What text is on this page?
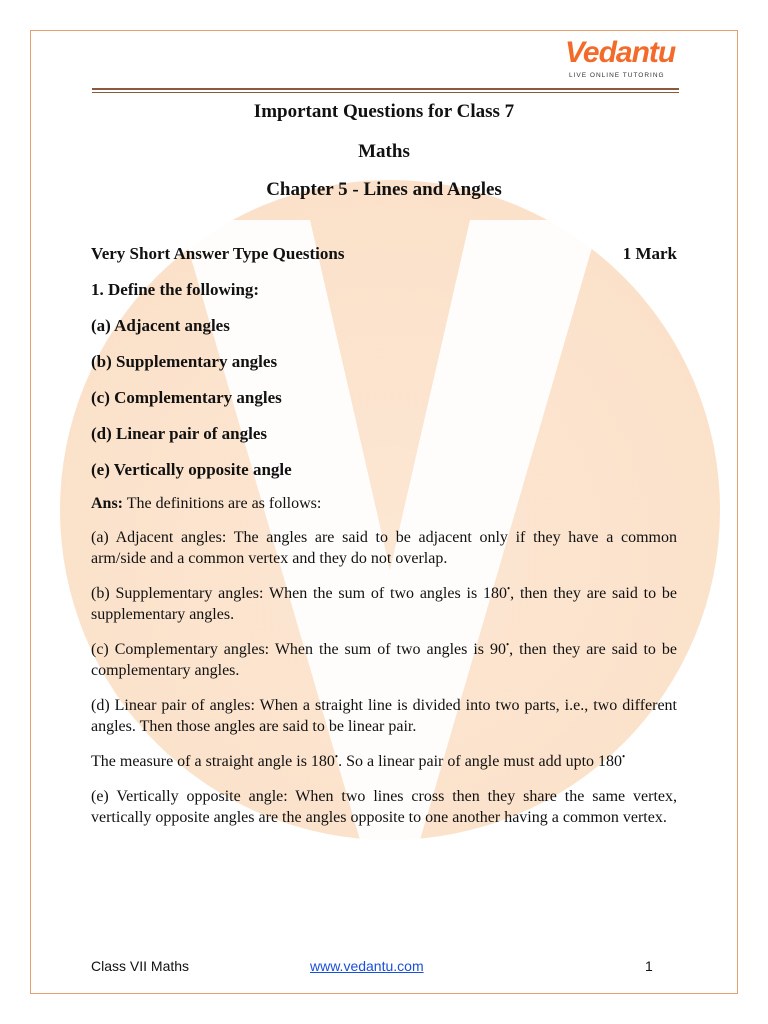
Vedantu
LIVE ONLINE TUTORING

Important Questions for Class 7

Maths

Chapter 5 - Lines and Angles

Very Short Answer Type Questions	1 Mark

1. Define the following:

(a) Adjacent angles

(b) Supplementary angles

(c) Complementary angles

(d) Linear pair of angles

(e) Vertically opposite angle

Ans: The definitions are as follows:
(a) Adjacent angles: The angles are said to be adjacent only if they have a common arm/side and a common vertex and they do not overlap.
(b) Supplementary angles: When the sum of two angles is 180•, then they are said to be supplementary angles.
(c) Complementary angles: When the sum of two angles is 90•, then they are said to be complementary angles.
(d) Linear pair of angles: When a straight line is divided into two parts, i.e., two different angles. Then those angles are said to be linear pair.
The measure of a straight angle is 180•. So a linear pair of angle must add upto 180•
(e) Vertically opposite angle: When two lines cross then they share the same vertex, vertically opposite angles are the angles opposite to one another having a common vertex.
Class VII Maths	www.vedantu.com	1
